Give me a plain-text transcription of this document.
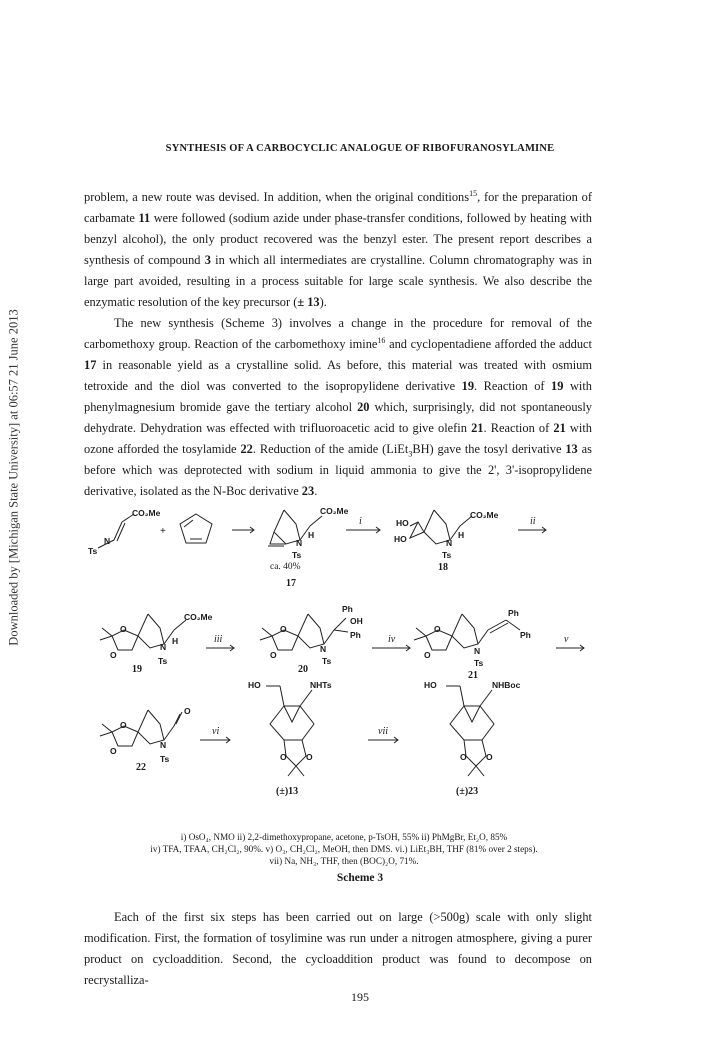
Downloaded by [Michigan State University] at 06:57 21 June 2013
SYNTHESIS OF A CARBOCYCLIC ANALOGUE OF RIBOFURANOSYLAMINE

problem, a new route was devised. In addition, when the original conditions$^{15}$, for the preparation of carbamate 11 were followed (sodium azide under phase-transfer conditions, followed by heating with benzyl alcohol), the only product recovered was the benzyl ester. The present report describes a synthesis of compound 3 in which all intermediates are crystalline. Column chromatography was in large part avoided, resulting in a process suitable for large scale synthesis. We also describe the enzymatic resolution of the key precursor (± 13).

The new synthesis (Scheme 3) involves a change in the procedure for removal of the carbomethoxy group. Reaction of the carbomethoxy imine$^{16}$ and cyclopentadiene afforded the adduct 17 in reasonable yield as a crystalline solid. As before, this material was treated with osmium tetroxide and the diol was converted to the isopropylidene derivative 19. Reaction of 19 with phenylmagnesium bromide gave the tertiary alcohol 20 which, surprisingly, did not spontaneously dehydrate. Dehydration was effected with trifluoroacetic acid to give olefin 21. Reaction of 21 with ozone afforded the tosylamide 22. Reduction of the amide (LiEt$_3$BH) gave the tosyl derivative 13 as before which was deprotected with sodium in liquid ammonia to give the 2', 3'-isopropylidene derivative, isolated as the N-Boc derivative 23.

CO₂Me
N
Ts
+
CO₂Me
N
H
Ts
ca. 40%
17
i
CO₂Me
HO
HO	N
H
Ts
18
ii
CO₂Me
O
O
N
H
Ts
19
iii
Ph
OH
Ph
O
O
N
Ts
20
iv
Ph
Ph
O
O	N
Ts
21
v
O
O
O
N
Ts
22
vi
HO	NHTs
O O
(±)13
vii
HO	NHBoc
O O
(±)23
i) OsO₄, NMO ii) 2,2-dimethoxypropane, acetone, p-TsOH, 55% ii) PhMgBr, Et₂O, 85%
iv) TFA, TFAA, CH₂Cl₂, 90%. v) O₃, CH₂Cl₂, MeOH, then DMS. vi.) LiEt₃BH, THF (81% over 2 steps).
vii) Na, NH₃, THF, then (BOC)₂O, 71%.
Scheme 3

Each of the first six steps has been carried out on large (>500g) scale with only slight modification. First, the formation of tosylimine was run under a nitrogen atmosphere, giving a purer product on cycloaddition. Second, the cycloaddition product was found to decompose on recrystalliza-

195
